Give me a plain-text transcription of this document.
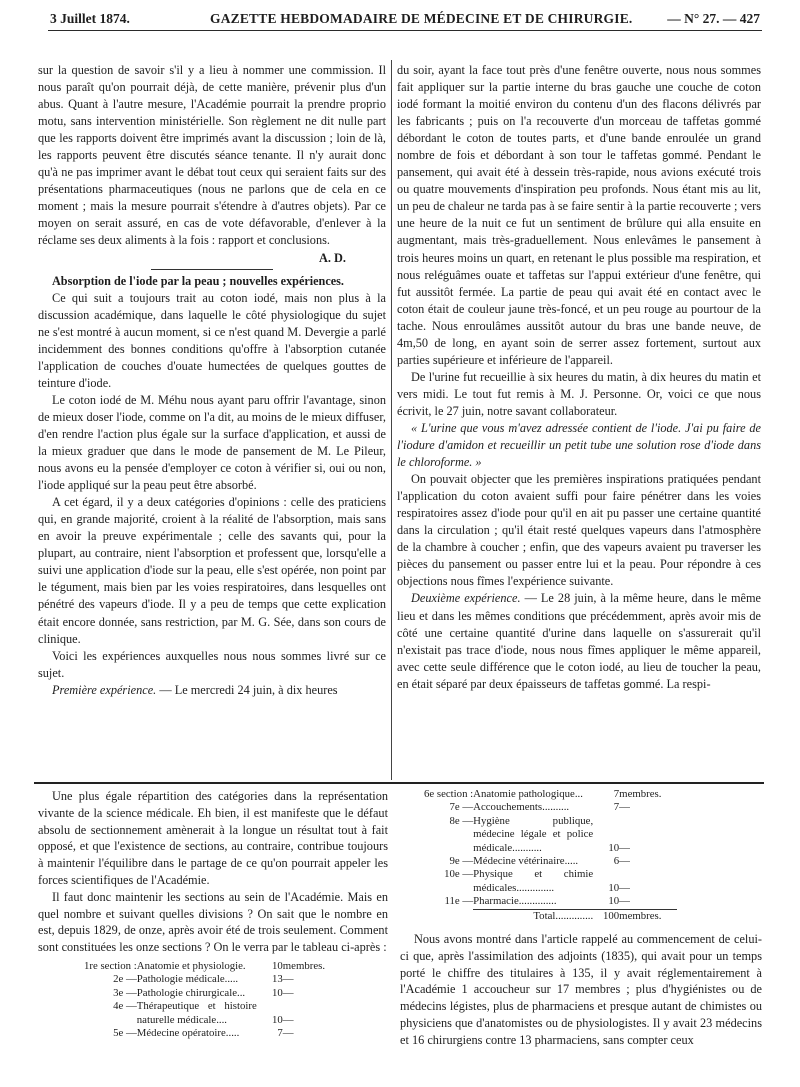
3 Juillet 1874.	GAZETTE HEBDOMADAIRE DE MÉDECINE ET DE CHIRURGIE.	— N° 27. — 427

sur la question de savoir s'il y a lieu à nommer une commission. Il nous paraît qu'on pourrait déjà, de cette manière, prévenir plus d'un abus. Quant à l'autre mesure, l'Académie pourrait la prendre proprio motu, sans intervention ministérielle. Son règlement ne dit nulle part que les rapports doivent être imprimés avant la discussion ; loin de là, les rapports peuvent être discutés séance tenante. Il n'y aurait donc qu'à ne pas imprimer avant le débat tout ceux qui seraient faits sur des présentations pharmaceutiques (nous ne parlons que de cela en ce moment ; mais la mesure pourrait s'étendre à d'autres objets). Par ce moyen on serait assuré, en cas de vote défavorable, d'enlever à la réclame ses deux aliments à la fois : rapport et conclusions.

A. D.

Absorption de l'iode par la peau ; nouvelles expériences.

Ce qui suit a toujours trait au coton iodé, mais non plus à la discussion académique, dans laquelle le côté physiologique du sujet ne s'est montré à aucun moment, si ce n'est quand M. Devergie a parlé incidemment des bonnes conditions qu'offre à l'absorption cutanée l'application de couches d'ouate humectées de quelques gouttes de teinture d'iode.

Le coton iodé de M. Méhu nous ayant paru offrir l'avantage, sinon de mieux doser l'iode, comme on l'a dit, au moins de le mieux diffuser, d'en rendre l'action plus égale sur la surface d'application, et aussi de la mieux graduer que dans le mode de pansement de M. Le Pileur, nous avons eu la pensée d'employer ce coton à vérifier si, oui ou non, l'iode appliqué sur la peau peut être absorbé.

A cet égard, il y a deux catégories d'opinions : celle des praticiens qui, en grande majorité, croient à la réalité de l'absorption, mais sans en avoir la preuve expérimentale ; celle des savants qui, pour la plupart, au contraire, nient l'absorption et professent que, lorsqu'elle a suivi une application d'iode sur la peau, elle s'est opérée, non point par le tégument, mais bien par les voies respiratoires, dans lesquelles ont pénétré des vapeurs d'iode. Il y a peu de temps que cette explication était encore donnée, sans restriction, par M. G. Sée, dans son cours de clinique.

Voici les expériences auxquelles nous nous sommes livré sur ce sujet.

Première expérience. — Le mercredi 24 juin, à dix heures

du soir, ayant la face tout près d'une fenêtre ouverte, nous nous sommes fait appliquer sur la partie interne du bras gauche une couche de coton iodé formant la moitié environ du contenu d'un des flacons délivrés par les fabricants ; puis on l'a recouverte d'un morceau de taffetas gommé débordant le coton de toutes parts, et d'une bande enroulée un grand nombre de fois et débordant à son tour le taffetas gommé. Pendant le pansement, qui avait été à dessein très-rapide, nous avions exécuté trois ou quatre mouvements d'inspiration peu profonds. Nous étant mis au lit, un peu de chaleur ne tarda pas à se faire sentir à la partie recouverte ; vers une heure de la nuit ce fut un sentiment de brûlure qui alla ensuite en augmentant, mais très-graduellement. Nous enlevâmes le pansement à trois heures moins un quart, en retenant le plus possible ma respiration, et nous reléguâmes ouate et taffetas sur l'appui extérieur d'une fenêtre, qui fut aussitôt fermée. La partie de peau qui avait été en contact avec le coton était de couleur jaune très-foncé, et un peu rouge au pourtour de la tache. Nous enroulâmes aussitôt autour du bras une bande neuve, de 4m,50 de long, en ayant soin de serrer assez fortement, surtout aux parties supérieure et inférieure de l'appareil.

De l'urine fut recueillie à six heures du matin, à dix heures du matin et vers midi. Le tout fut remis à M. J. Personne. Or, voici ce que nous écrivit, le 27 juin, notre savant collaborateur.

« L'urine que vous m'avez adressée contient de l'iode. J'ai pu faire de l'iodure d'amidon et recueillir un petit tube une solution rose d'iode dans le chloroforme. »

On pouvait objecter que les premières inspirations pratiquées pendant l'application du coton avaient suffi pour faire pénétrer dans les voies respiratoires assez d'iode pour qu'il en ait pu passer une certaine quantité dans la circulation ; qu'il était resté quelques vapeurs dans l'atmosphère de la chambre à coucher ; enfin, que des vapeurs avaient pu traverser les pièces du pansement ou passer entre lui et la peau. Pour répondre à ces objections nous fîmes l'expérience suivante.

Deuxième expérience. — Le 28 juin, à la même heure, dans le même lieu et dans les mêmes conditions que précédemment, après avoir mis de côté une certaine quantité d'urine dans laquelle on s'assurerait qu'il n'existait pas trace d'iode, nous nous fîmes appliquer le même appareil, avec cette seule différence que le coton iodé, au lieu de toucher la peau, en était séparé par deux épaisseurs de taffetas gommé. La respi-

Une plus égale répartition des catégories dans la représentation vivante de la science médicale. Eh bien, il est manifeste que le défaut absolu de sectionnement amènerait à la longue un résultat tout à fait opposé, et que l'existence de sections, au contraire, contribue toujours à maintenir l'équilibre dans le partage de ce qu'on pourrait appeler les forces scientifiques de l'Académie.

Il faut donc maintenir les sections au sein de l'Académie. Mais en quel nombre et suivant quelles divisions ? On sait que le nombre en est, depuis 1829, de onze, après avoir été de trois seulement. Comment sont constituées les onze sections ? On le verra par le tableau ci-après :

1re section :	Anatomie et physiologie.	10	membres.
2e —	Pathologie médicale.....	13	—
3e —	Pathologie chirurgicale...	10	—
4e —	Thérapeutique et histoire naturelle médicale....	10	—
5e —	Médecine opératoire.....	7	—
6e section :	Anatomie pathologique...	7	membres.
7e —	Accouchements..........	7	—
8e —	Hygiène publique, médecine légale et police médicale...........	10	—
9e —	Médecine vétérinaire.....	6	—
10e —	Physique et chimie médicales..............	10	—
11e —	Pharmacie..............	10	—
	Total..............	100	membres.

Nous avons montré dans l'article rappelé au commencement de celui-ci que, après l'assimilation des adjoints (1835), qui avait pour un temps porté le chiffre des titulaires à 135, il y avait réglementairement à l'Académie 1 accoucheur sur 17 membres ; plus d'hygiénistes ou de médecins légistes, plus de pharmaciens et presque autant de chimistes ou physiciens que d'anatomistes ou de physiologistes. Il y avait 23 médecins et 16 chirurgiens contre 13 pharmaciens, sans compter ceux
